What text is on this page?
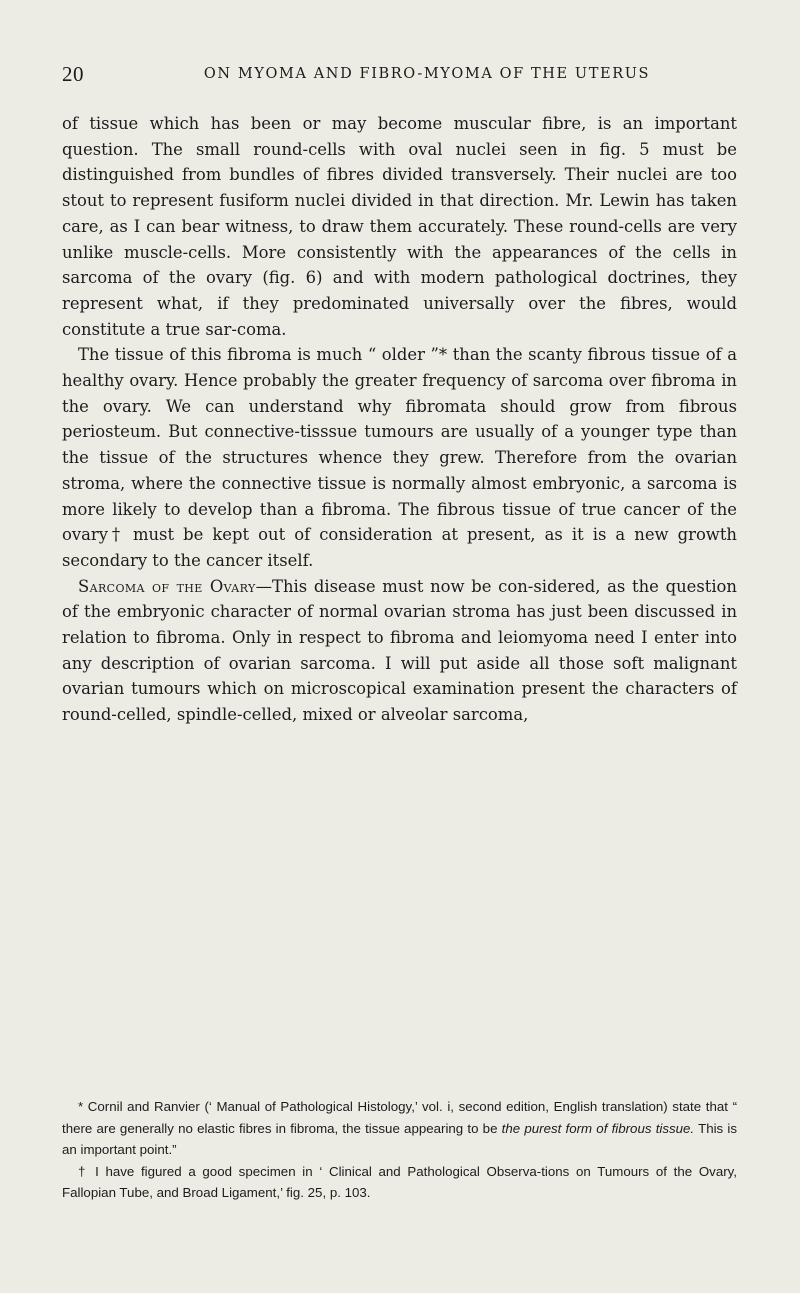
20	ON MYOMA AND FIBRO-MYOMA OF THE UTERUS

of tissue which has been or may become muscular fibre, is an important question. The small round-cells with oval nuclei seen in fig. 5 must be distinguished from bundles of fibres divided transversely. Their nuclei are too stout to represent fusiform nuclei divided in that direction. Mr. Lewin has taken care, as I can bear witness, to draw them accurately. These round-cells are very unlike muscle-cells. More consistently with the appearances of the cells in sarcoma of the ovary (fig. 6) and with modern pathological doctrines, they represent what, if they predominated universally over the fibres, would constitute a true sar-coma.

The tissue of this fibroma is much “ older ”* than the scanty fibrous tissue of a healthy ovary. Hence probably the greater frequency of sarcoma over fibroma in the ovary. We can understand why fibromata should grow from fibrous periosteum. But connective-tisssue tumours are usually of a younger type than the tissue of the structures whence they grew. Therefore from the ovarian stroma, where the connective tissue is normally almost embryonic, a sarcoma is more likely to develop than a fibroma. The fibrous tissue of true cancer of the ovary† must be kept out of consideration at present, as it is a new growth secondary to the cancer itself.

Sarcoma of the Ovary—This disease must now be con-sidered, as the question of the embryonic character of normal ovarian stroma has just been discussed in relation to fibroma. Only in respect to fibroma and leiomyoma need I enter into any description of ovarian sarcoma. I will put aside all those soft malignant ovarian tumours which on microscopical examination present the characters of round-celled, spindle-celled, mixed or alveolar sarcoma,

* Cornil and Ranvier (‘ Manual of Pathological Histology,’ vol. i, second edition, English translation) state that “ there are generally no elastic fibres in fibroma, the tissue appearing to be the purest form of fibrous tissue. This is an important point.”

† I have figured a good specimen in ‘ Clinical and Pathological Observa-tions on Tumours of the Ovary, Fallopian Tube, and Broad Ligament,’ fig. 25, p. 103.
